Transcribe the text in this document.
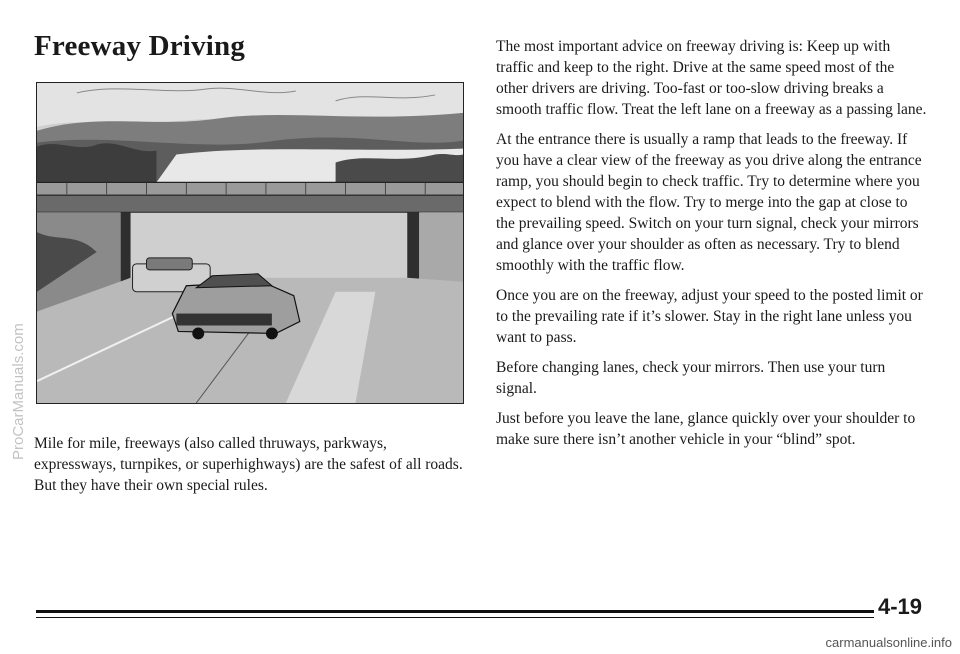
Freeway Driving

Mile for mile, freeways (also called thruways, parkways, expressways, turnpikes, or superhighways) are the safest of all roads. But they have their own special rules.

The most important advice on freeway driving is: Keep up with traffic and keep to the right. Drive at the same speed most of the other drivers are driving. Too-fast or too-slow driving breaks a smooth traffic flow. Treat the left lane on a freeway as a passing lane.

At the entrance there is usually a ramp that leads to the freeway. If you have a clear view of the freeway as you drive along the entrance ramp, you should begin to check traffic. Try to determine where you expect to blend with the flow. Try to merge into the gap at close to the prevailing speed. Switch on your turn signal, check your mirrors and glance over your shoulder as often as necessary. Try to blend smoothly with the traffic flow.

Once you are on the freeway, adjust your speed to the posted limit or to the prevailing rate if it’s slower. Stay in the right lane unless you want to pass.

Before changing lanes, check your mirrors. Then use your turn signal.

Just before you leave the lane, glance quickly over your shoulder to make sure there isn’t another vehicle in your “blind” spot.

ProCarManuals.com
4-19
carmanualsonline.info
